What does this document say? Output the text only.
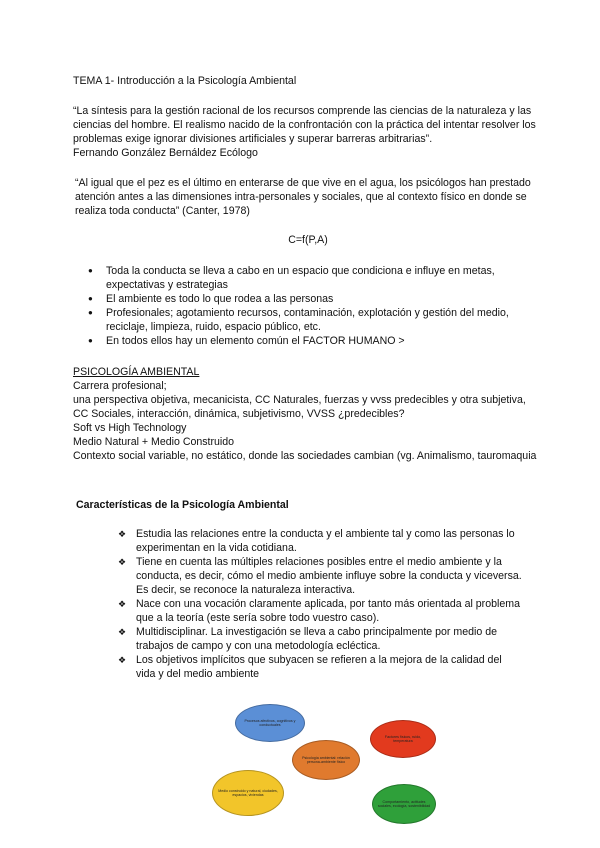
TEMA 1- Introducción a la Psicología Ambiental

“La síntesis para la gestión racional de los recursos comprende las ciencias de la naturaleza y las ciencias del hombre. El realismo nacido de la confrontación con la práctica del intentar resolver los problemas exige ignorar divisiones artificiales y superar barreras arbitrarias”.

Fernando González Bernáldez Ecólogo

“Al igual que el pez es el último en enterarse de que vive en el agua, los psicólogos han prestado atención antes a las dimensiones intra-personales y sociales, que al contexto físico en donde se realiza toda conducta” (Canter, 1978)

C=f(P,A)

● Toda la conducta se lleva a cabo en un espacio que condiciona e influye en metas, expectativas y estrategias
● El ambiente es todo lo que rodea a las personas
● Profesionales; agotamiento recursos, contaminación, explotación y gestión del medio, reciclaje, limpieza, ruido, espacio público, etc.
● En todos ellos hay un elemento común el FACTOR HUMANO >

PSICOLOGÍA AMBIENTAL

Carrera profesional;
una perspectiva objetiva, mecanicista, CC Naturales, fuerzas y vvss predecibles y otra subjetiva, CC Sociales, interacción, dinámica, subjetivismo, VVSS ¿predecibles?
Soft vs High Technology
Medio Natural + Medio Construido
Contexto social variable, no estático, donde las sociedades cambian (vg. Animalismo, tauromaquia

Características de la Psicología Ambiental

❖ Estudia las relaciones entre la conducta y el ambiente tal y como las personas lo experimentan en la vida cotidiana.
❖ Tiene en cuenta las múltiples relaciones posibles entre el medio ambiente y la conducta, es decir, cómo el medio ambiente influye sobre la conducta y viceversa. Es decir, se reconoce la naturaleza interactiva.
❖ Nace con una vocación claramente aplicada, por tanto más orientada al problema que a la teoría (este sería sobre todo vuestro caso).
❖ Multidisciplinar. La investigación se lleva a cabo principalmente por medio de trabajos de campo y con una metodología ecléctica.
❖ Los objetivos implícitos que subyacen se refieren a la mejora de la calidad del vida y del medio ambiente
Procesos afectivos, cognitivos y conductuales
Psicología ambiental: relación persona-ambiente físico
Factores físicos, ruido, temperatura
Medio construido y natural, ciudades, espacios, viviendas
Comportamiento, actitudes sociales, ecología, sostenibilidad
